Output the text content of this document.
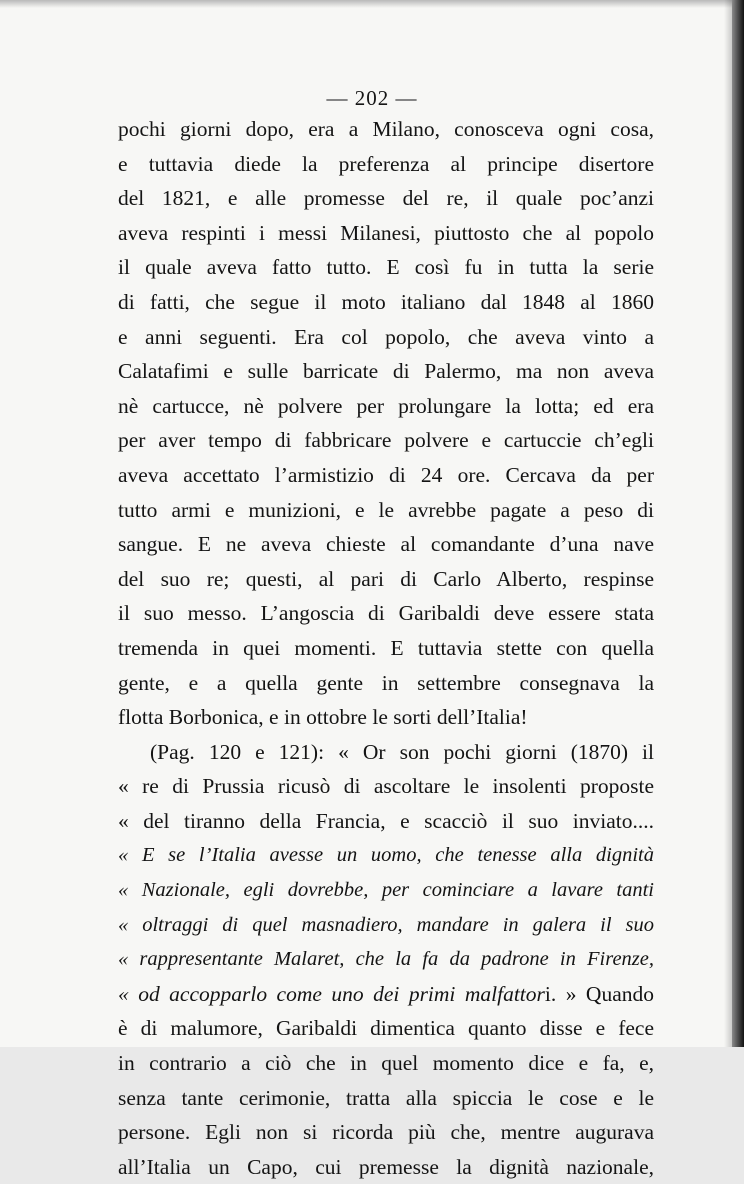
— 202 —
pochi giorni dopo, era a Milano, conosceva ogni cosa,
e tuttavia diede la preferenza al principe disertore
del 1821, e alle promesse del re, il quale poc’anzi
aveva respinti i messi Milanesi, piuttosto che al popolo
il quale aveva fatto tutto. E così fu in tutta la serie
di fatti, che segue il moto italiano dal 1848 al 1860
e anni seguenti. Era col popolo, che aveva vinto a
Calatafimi e sulle barricate di Palermo, ma non aveva
nè cartucce, nè polvere per prolungare la lotta; ed era
per aver tempo di fabbricare polvere e cartuccie ch’egli
aveva accettato l’armistizio di 24 ore. Cercava da per
tutto armi e munizioni, e le avrebbe pagate a peso di
sangue. E ne aveva chieste al comandante d’una nave
del suo re; questi, al pari di Carlo Alberto, respinse
il suo messo. L’angoscia di Garibaldi deve essere stata
tremenda in quei momenti. E tuttavia stette con quella
gente, e a quella gente in settembre consegnava la
flotta Borbonica, e in ottobre le sorti dell’Italia!
(Pag. 120 e 121): « Or son pochi giorni (1870) il
« re di Prussia ricusò di ascoltare le insolenti proposte
« del tiranno della Francia, e scacciò il suo inviato....
« E se l’Italia avesse un uomo, che tenesse alla dignità
« Nazionale, egli dovrebbe, per cominciare a lavare tanti
« oltraggi di quel masnadiero, mandare in galera il suo
« rappresentante Malaret, che la fa da padrone in Firenze,
« od accopparlo come uno dei primi malfattori. » Quando
è di malumore, Garibaldi dimentica quanto disse e fece
in contrario a ciò che in quel momento dice e fa, e,
senza tante cerimonie, tratta alla spiccia le cose e le
persone. Egli non si ricorda più che, mentre augurava
all’Italia un Capo, cui premesse la dignità nazionale,
